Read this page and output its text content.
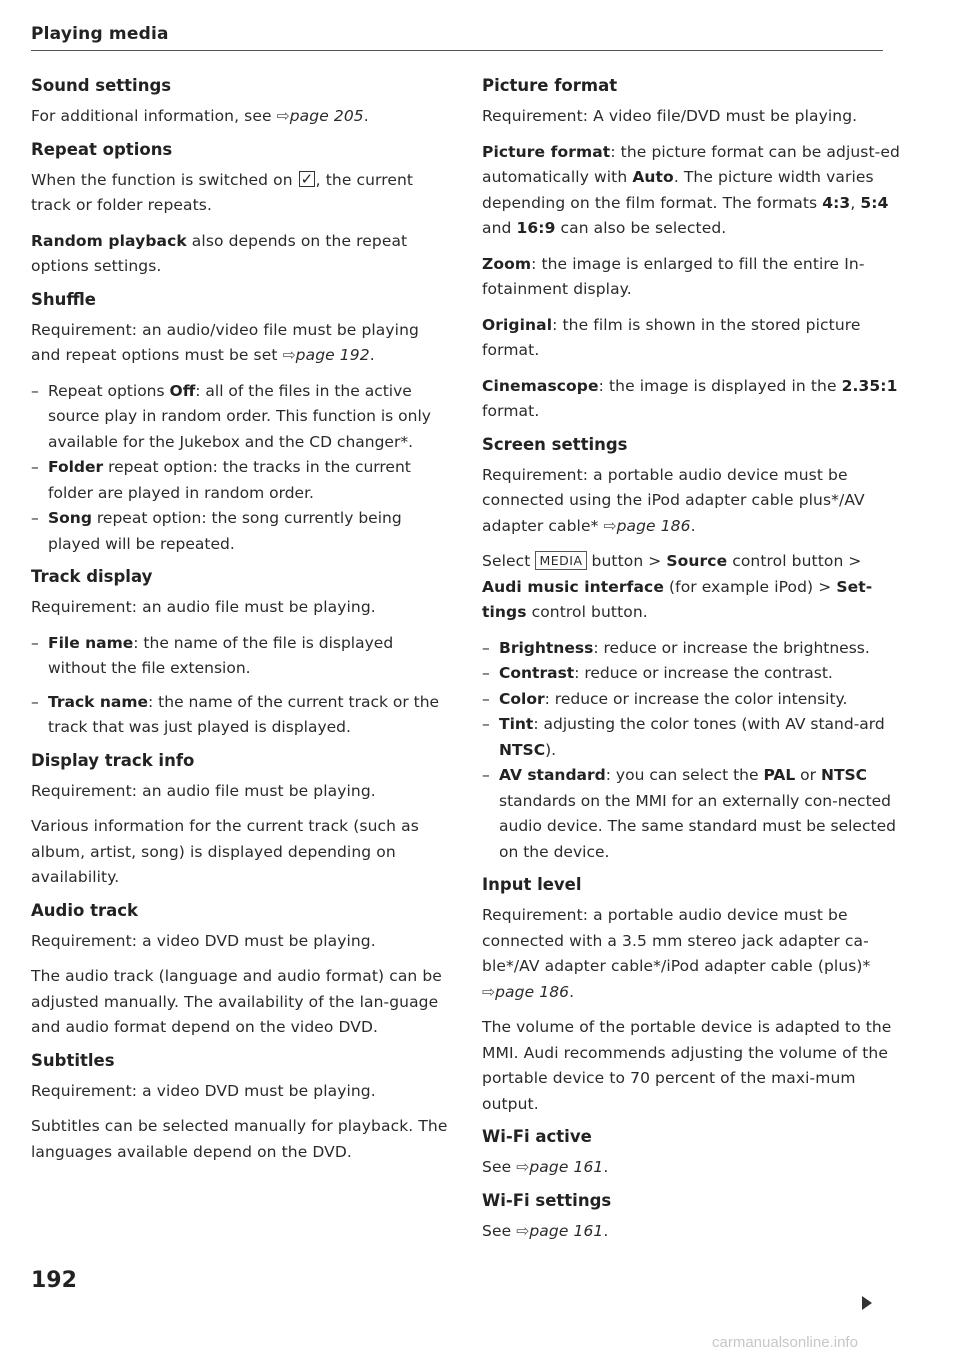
Playing media
Sound settings

For additional information, see ⇨page 205.

Repeat options

When the function is switched on ✓, the current track or folder repeats.

Random playback also depends on the repeat options settings.

Shuffle

Requirement: an audio/video file must be playing and repeat options must be set ⇨page 192.

– Repeat options Off: all of the files in the active source play in random order. This function is only available for the Jukebox and the CD changer*.
– Folder repeat option: the tracks in the current folder are played in random order.
– Song repeat option: the song currently being played will be repeated.
Track display

Requirement: an audio file must be playing.

– File name: the name of the file is displayed without the file extension.
– Track name: the name of the current track or the track that was just played is displayed.
Display track info

Requirement: an audio file must be playing.

Various information for the current track (such as album, artist, song) is displayed depending on availability.

Audio track

Requirement: a video DVD must be playing.

The audio track (language and audio format) can be adjusted manually. The availability of the lan-guage and audio format depend on the video DVD.

Subtitles

Requirement: a video DVD must be playing.

Subtitles can be selected manually for playback. The languages available depend on the DVD.

Picture format

Requirement: A video file/DVD must be playing.

Picture format: the picture format can be adjust-ed automatically with Auto. The picture width varies depending on the film format. The formats 4:3, 5:4 and 16:9 can also be selected.

Zoom: the image is enlarged to fill the entire In-fotainment display.

Original: the film is shown in the stored picture format.

Cinemascope: the image is displayed in the 2.35:1 format.

Screen settings

Requirement: a portable audio device must be connected using the iPod adapter cable plus*/AV adapter cable* ⇨page 186.

Select MEDIA button > Source control button > Audi music interface (for example iPod) > Set-tings control button.

– Brightness: reduce or increase the brightness.
– Contrast: reduce or increase the contrast.
– Color: reduce or increase the color intensity.
– Tint: adjusting the color tones (with AV stand-ard NTSC).
– AV standard: you can select the PAL or NTSC standards on the MMI for an externally con-nected audio device. The same standard must be selected on the device.
Input level

Requirement: a portable audio device must be connected with a 3.5 mm stereo jack adapter ca-ble*/AV adapter cable*/iPod adapter cable (plus)* ⇨page 186.

The volume of the portable device is adapted to the MMI. Audi recommends adjusting the volume of the portable device to 70 percent of the maxi-mum output.

Wi-Fi active

See ⇨page 161.

Wi-Fi settings

See ⇨page 161.

192
carmanualsonline.info
